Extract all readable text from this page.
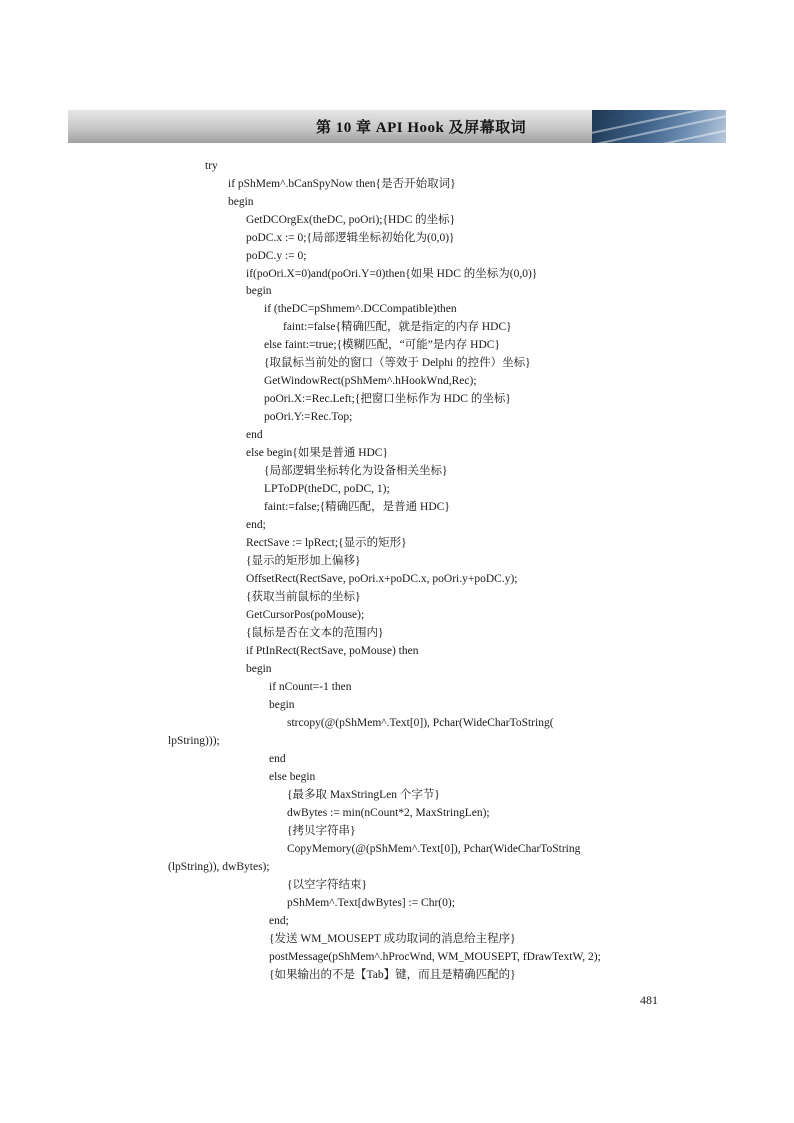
第 10 章 API Hook 及屏幕取词
try
if pShMem^.bCanSpyNow then{是否开始取词}
begin
GetDCOrgEx(theDC, poOri);{HDC 的坐标}
poDC.x := 0;{局部逻辑坐标初始化为(0,0)}
poDC.y := 0;
if(poOri.X=0)and(poOri.Y=0)then{如果 HDC 的坐标为(0,0)}
begin
if (theDC=pShmem^.DCCompatible)then
faint:=false{精确匹配，就是指定的内存 HDC}
else faint:=true;{模糊匹配，“可能”是内存 HDC}
{取鼠标当前处的窗口（等效于 Delphi 的控件）坐标}
GetWindowRect(pShMem^.hHookWnd,Rec);
poOri.X:=Rec.Left;{把窗口坐标作为 HDC 的坐标}
poOri.Y:=Rec.Top;
end
else begin{如果是普通 HDC}
{局部逻辑坐标转化为设备相关坐标}
LPToDP(theDC, poDC, 1);
faint:=false;{精确匹配，是普通 HDC}
end;
RectSave := lpRect;{显示的矩形}
{显示的矩形加上偏移}
OffsetRect(RectSave, poOri.x+poDC.x, poOri.y+poDC.y);
{获取当前鼠标的坐标}
GetCursorPos(poMouse);
{鼠标是否在文本的范围内}
if PtInRect(RectSave, poMouse) then
begin
if nCount=-1 then
begin
strcopy(@(pShMem^.Text[0]), Pchar(WideCharToString(
lpString)));
end
else begin
{最多取 MaxStringLen 个字节}
dwBytes := min(nCount*2, MaxStringLen);
{拷贝字符串}
CopyMemory(@(pShMem^.Text[0]), Pchar(WideCharToString
(lpString)), dwBytes);
{以空字符结束}
pShMem^.Text[dwBytes] := Chr(0);
end;
{发送 WM_MOUSEPT 成功取词的消息给主程序}
postMessage(pShMem^.hProcWnd, WM_MOUSEPT, fDrawTextW, 2);
{如果输出的不是【Tab】键，而且是精确匹配的}
481
